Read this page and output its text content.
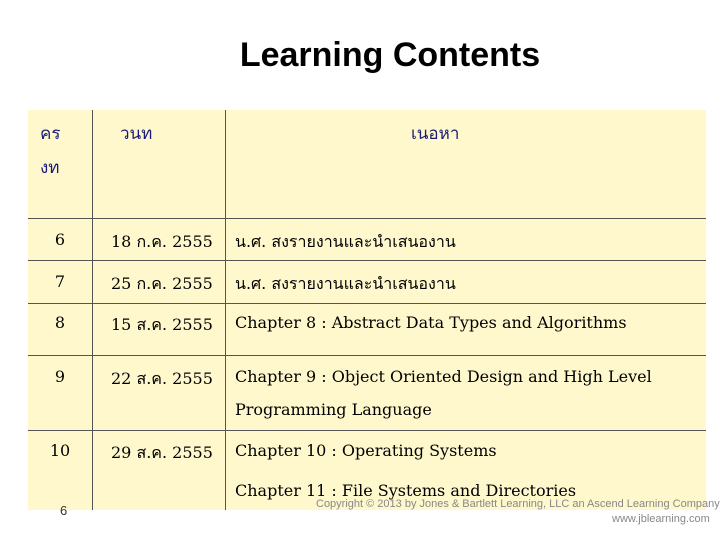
Learning Contents
คร
งท
วนท	เนอหา
6	18 ก.ค. 2555 น.ศ. สงรายงานและนำเสนองาน
7	25 ก.ค. 2555 น.ศ. สงรายงานและนำเสนองาน
8	15 ส.ค. 2555 Chapter 8 : Abstract Data Types and Algorithms
9	22 ส.ค. 2555 Chapter 9 : Object Oriented Design and High Level
Programming Language
10	29 ส.ค. 2555 Chapter 10 : Operating Systems
Chapter 11 : File Systems and Directories
Copyright © 2013 by Jones & Bartlett Learning, LLC an Ascend Learning Company
www.jblearning.com
6
